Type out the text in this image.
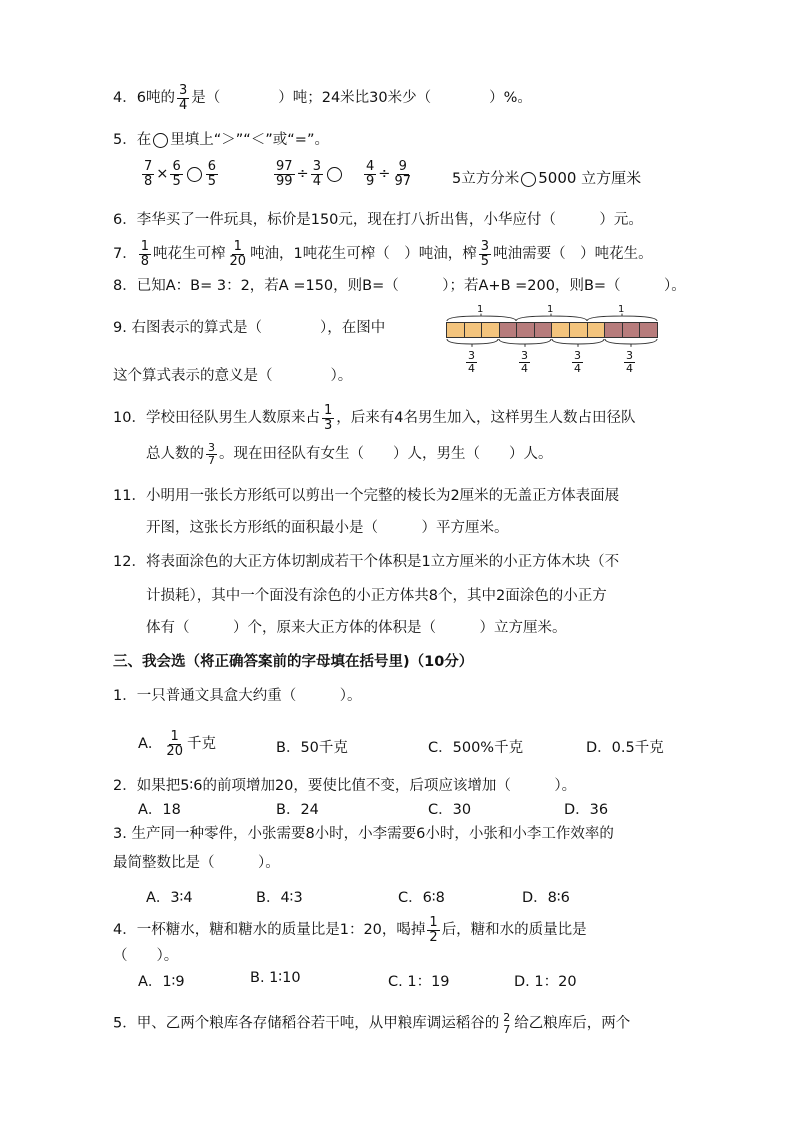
4．6吨的 $\frac{3}{4}$ 是（　　　　）吨；24米比30米少（　　　　）%。
5．在 里填上“＞”“＜”或“=”。
$\frac{7}{8} \times \frac{6}{5} \frac{6}{5}$	$\frac{97}{99} \div \frac{3}{4}$	$\frac{4}{9} \div \frac{9}{97}$	5立方分米 5000 立方厘米
6．李华买了一件玩具，标价是150元，现在打八折出售，小华应付（　　　）元。
7． $\frac{1}{8}$ 吨花生可榨 $\frac{1}{20}$ 吨油，1吨花生可榨（　）吨油，榨 $\frac{3}{5}$ 吨油需要（　）吨花生。
8．已知A：B= 3：2，若A =150，则B=（　　　）；若A+B =200，则B=（　　　）。
9. 右图表示的算式是（　　　　），在图中
这个算式表示的意义是（　　　　）。
1	1	1
$\frac{3}{4}$	$\frac{3}{4}$	$\frac{3}{4}$	$\frac{3}{4}$
10．学校田径队男生人数原来占 $\frac{1}{3}$ ，后来有4名男生加入，这样男生人数占田径队
总人数的 $\frac{3}{7}$ 。现在田径队有女生（　　）人，男生（　　）人。
11．小明用一张长方形纸可以剪出一个完整的棱长为2厘米的无盖正方体表面展
开图，这张长方形纸的面积最小是（　　　）平方厘米。
12．将表面涂色的大正方体切割成若干个体积是1立方厘米的小正方体木块（不
计损耗），其中一个面没有涂色的小正方体共8个，其中2面涂色的小正方
体有（　　　）个，原来大正方体的体积是（　　　）立方厘米。
三、我会选（将正确答案前的字母填在括号里)（10分）
1．一只普通文具盒大约重（　　　）。
A． $\frac{1}{20}$ 千克	B．50千克	C．500%千克	D．0.5千克
2．如果把5∶6的前项增加20，要使比值不变，后项应该增加（　　　）。
A．18	B．24	C．30	D．36
3. 生产同一种零件，小张需要8小时，小李需要6小时，小张和小李工作效率的
最简整数比是（　　　）。
A．3∶4	B．4∶3	C．6∶8	D．8∶6
4．一杯糖水，糖和糖水的质量比是1：20，喝掉 $\frac{1}{2}$ 后，糖和水的质量比是
（　　）。
A．1∶9	B. 1∶10	C. 1：19	D. 1：20
5．甲、乙两个粮库各存储稻谷若干吨，从甲粮库调运稻谷的 2
7 给乙粮库后，两个
